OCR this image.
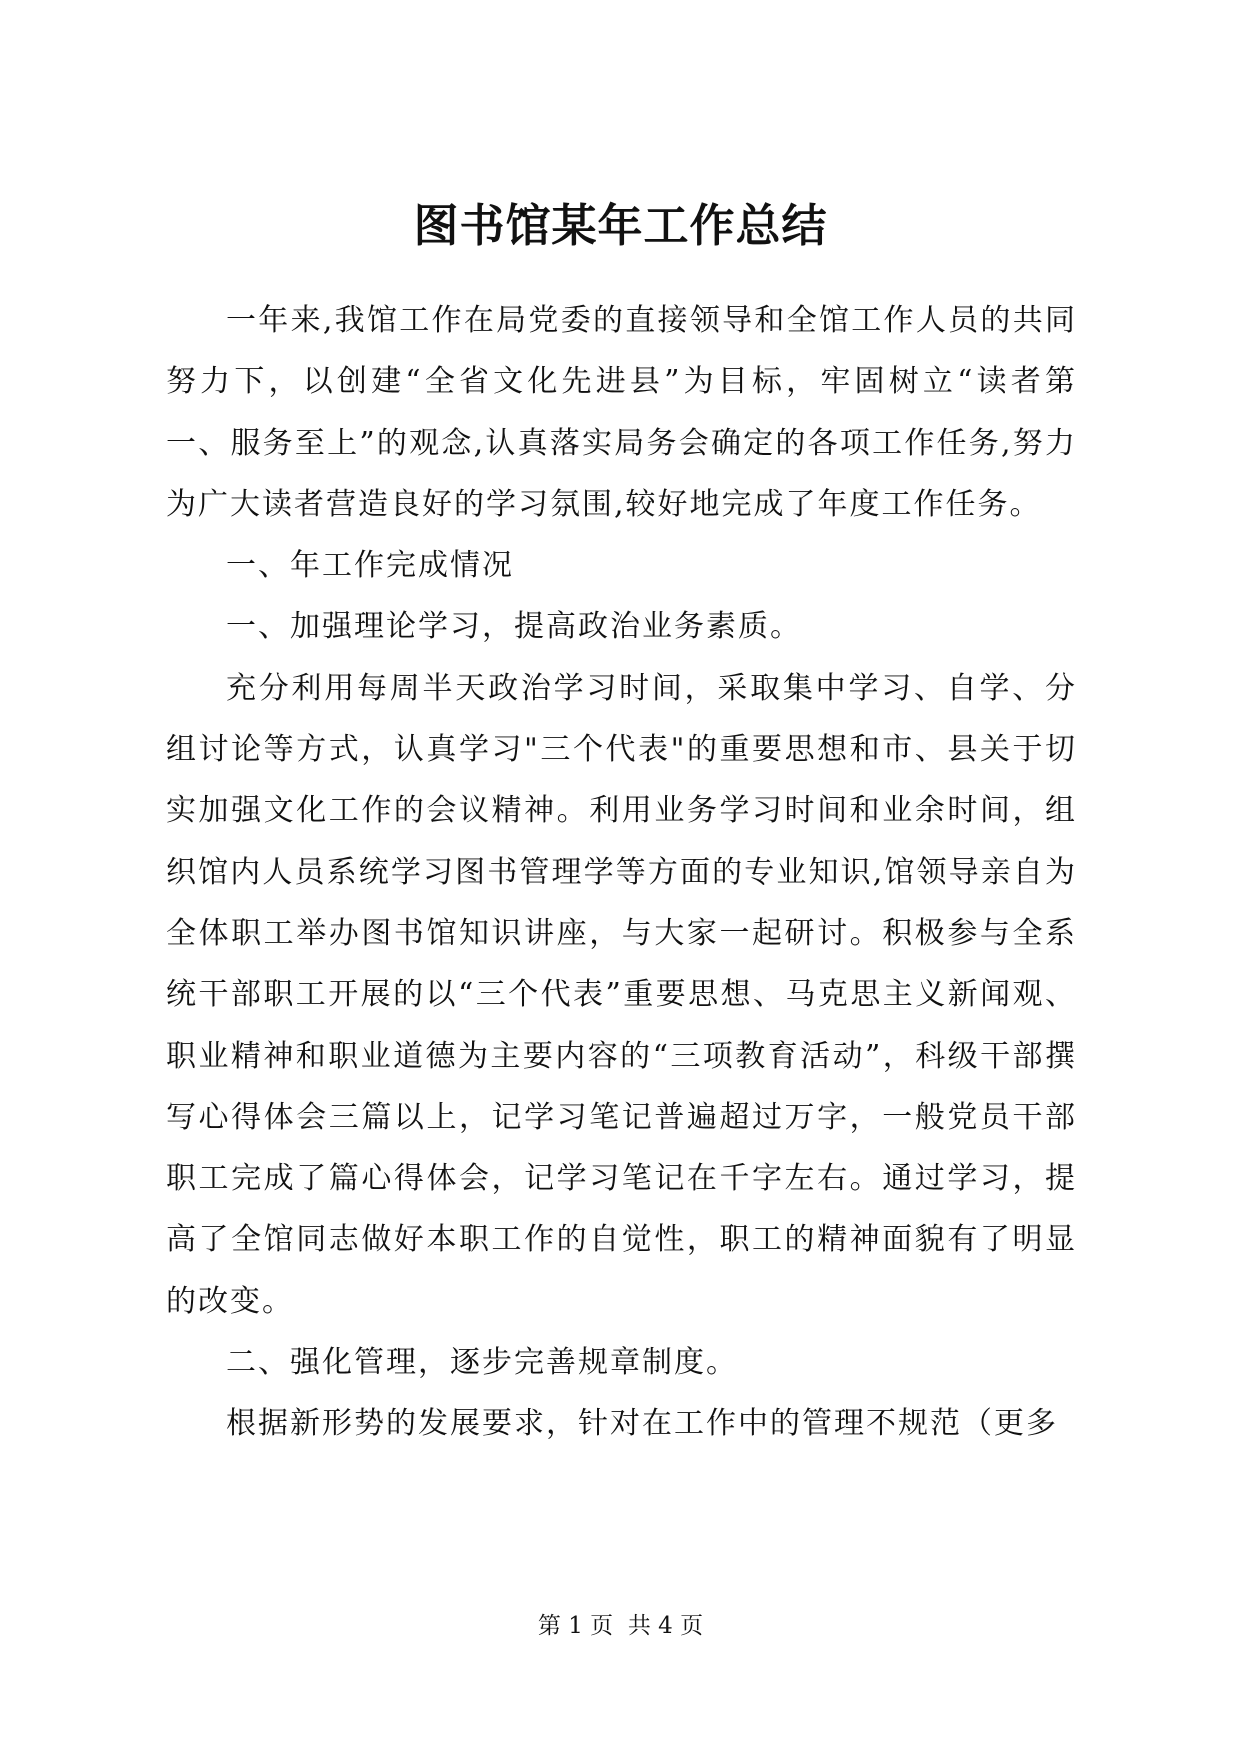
图书馆某年工作总结

一年来,我馆工作在局党委的直接领导和全馆工作人员的共同努力下，以创建“全省文化先进县”为目标，牢固树立“读者第一、服务至上”的观念,认真落实局务会确定的各项工作任务,努力为广大读者营造良好的学习氛围,较好地完成了年度工作任务。

一、年工作完成情况

一、加强理论学习，提高政治业务素质。

充分利用每周半天政治学习时间，采取集中学习、自学、分组讨论等方式，认真学习"三个代表"的重要思想和市、县关于切实加强文化工作的会议精神。利用业务学习时间和业余时间，组织馆内人员系统学习图书管理学等方面的专业知识,馆领导亲自为全体职工举办图书馆知识讲座，与大家一起研讨。积极参与全系统干部职工开展的以“三个代表”重要思想、马克思主义新闻观、职业精神和职业道德为主要内容的“三项教育活动”，科级干部撰写心得体会三篇以上，记学习笔记普遍超过万字，一般党员干部职工完成了篇心得体会，记学习笔记在千字左右。通过学习，提高了全馆同志做好本职工作的自觉性，职工的精神面貌有了明显的改变。

二、强化管理，逐步完善规章制度。

根据新形势的发展要求，针对在工作中的管理不规范（更多

第 1 页 共 4 页
